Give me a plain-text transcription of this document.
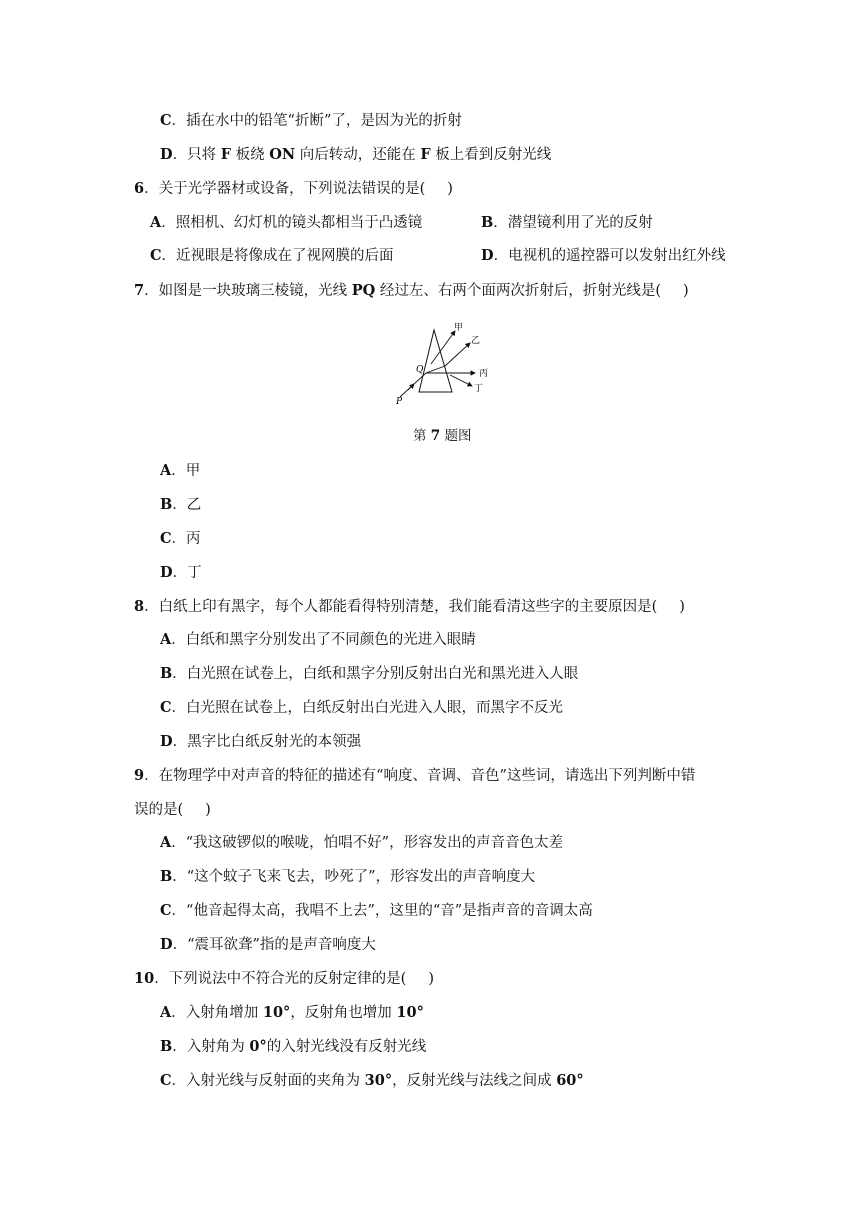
C．插在水中的铅笔“折断”了，是因为光的折射
D．只将 F 板绕 ON 向后转动，还能在 F 板上看到反射光线
6．关于光学器材或设备，下列说法错误的是( )
A．照相机、幻灯机的镜头都相当于凸透镜	B．潜望镜利用了光的反射
C．近视眼是将像成在了视网膜的后面	D．电视机的遥控器可以发射出红外线
7．如图是一块玻璃三棱镜，光线 PQ 经过左、右两个面两次折射后，折射光线是( )
甲
乙
丙
丁
Q
P
第 7 题图
A．甲
B．乙
C．丙
D．丁
8．白纸上印有黑字，每个人都能看得特别清楚，我们能看清这些字的主要原因是( )
A．白纸和黑字分别发出了不同颜色的光进入眼睛
B．白光照在试卷上，白纸和黑字分别反射出白光和黑光进入人眼
C．白光照在试卷上，白纸反射出白光进入人眼，而黑字不反光
D．黑字比白纸反射光的本领强
9．在物理学中对声音的特征的描述有“响度、音调、音色”这些词，请选出下列判断中错
误的是( )
A．“我这破锣似的喉咙，怕唱不好”，形容发出的声音音色太差
B．“这个蚊子飞来飞去，吵死了”，形容发出的声音响度大
C．“他音起得太高，我唱不上去”，这里的“音”是指声音的音调太高
D．“震耳欲聋”指的是声音响度大
10．下列说法中不符合光的反射定律的是( )
A．入射角增加 10°，反射角也增加 10°
B．入射角为 0°的入射光线没有反射光线
C．入射光线与反射面的夹角为 30°，反射光线与法线之间成 60°
